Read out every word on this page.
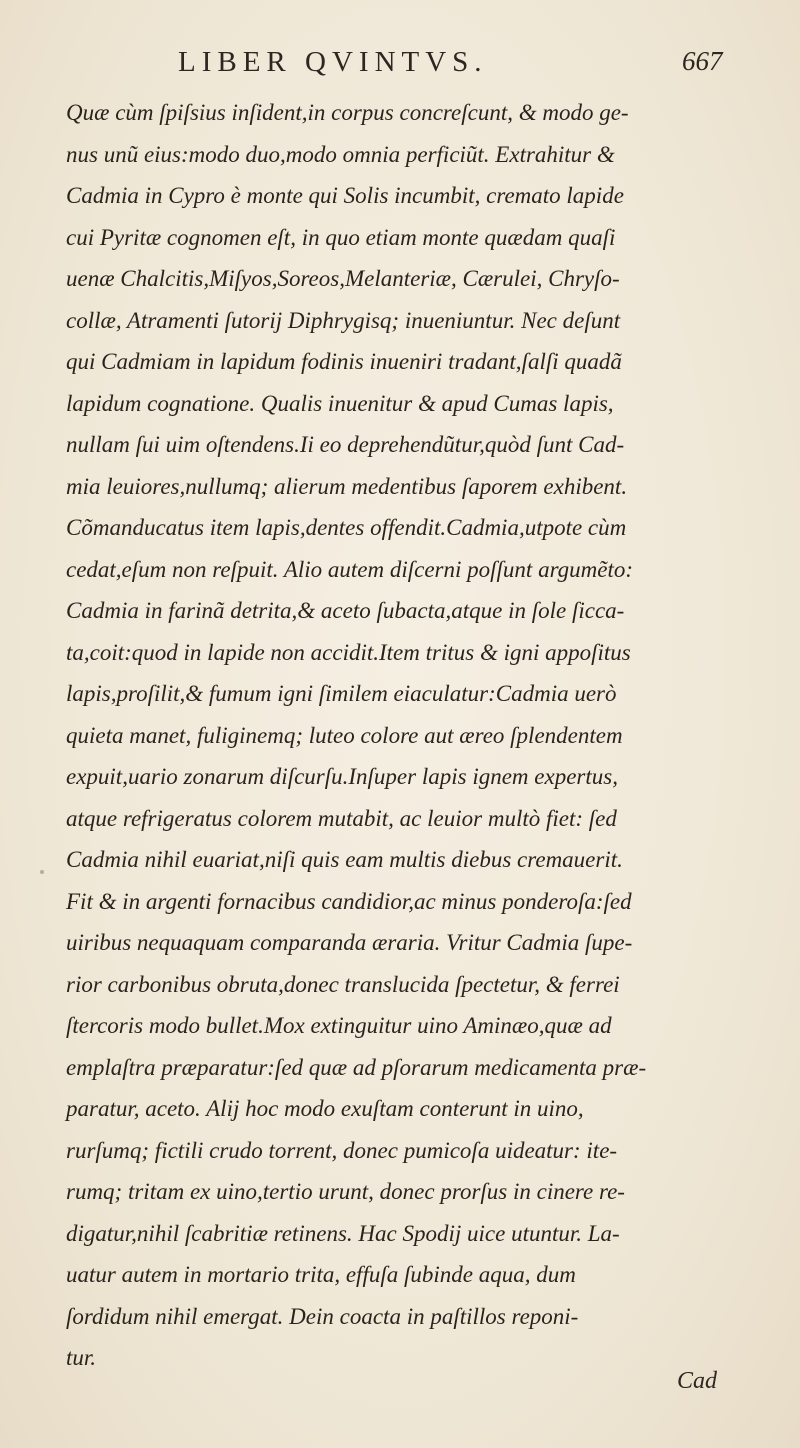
LIBER QVINTVS.	667
Quæ cùm ſpiſsius inſident,in corpus concreſcunt, & modo ge-
nus unũ eius:modo duo,modo omnia perficiũt. Extrahitur &
Cadmia in Cypro è monte qui Solis incumbit, cremato lapide
cui Pyritæ cognomen eſt, in quo etiam monte quædam quaſi
uenæ Chalcitis,Miſyos,Soreos,Melanteriæ, Cærulei, Chryſo-
collæ, Atramenti ſutorij Diphrygisq; inueniuntur. Nec deſunt
qui Cadmiam in lapidum fodinis inueniri tradant,ſalſi quadã
lapidum cognatione. Qualis inuenitur & apud Cumas lapis,
nullam ſui uim oſtendens.Ii eo deprehendũtur,quòd ſunt Cad-
mia leuiores,nullumq; alierum medentibus ſaporem exhibent.
Cõmanducatus item lapis,dentes offendit.Cadmia,utpote cùm
cedat,eſum non reſpuit. Alio autem diſcerni poſſunt argumẽto:
Cadmia in farinã detrita,& aceto ſubacta,atque in ſole ſicca-
ta,coit:quod in lapide non accidit.Item tritus & igni appoſitus
lapis,proſilit,& fumum igni ſimilem eiaculatur:Cadmia uerò
quieta manet, fuliginemq; luteo colore aut æreo ſplendentem
expuit,uario zonarum diſcurſu.Inſuper lapis ignem expertus,
atque refrigeratus colorem mutabit, ac leuior multò fiet: ſed
Cadmia nihil euariat,niſi quis eam multis diebus cremauerit.
Fit & in argenti fornacibus candidior,ac minus ponderoſa:ſed
uiribus nequaquam comparanda æraria. Vritur Cadmia ſupe-
rior carbonibus obruta,donec translucida ſpectetur, & ferrei
ſtercoris modo bullet.Mox extinguitur uino Aminæo,quæ ad
emplaſtra præparatur:ſed quæ ad pſorarum medicamenta præ-
paratur, aceto. Alij hoc modo exuſtam conterunt in uino,
rurſumq; fictili crudo torrent, donec pumicoſa uideatur: ite-
rumq; tritam ex uino,tertio urunt, donec prorſus in cinere re-
digatur,nihil ſcabritiæ retinens. Hac Spodij uice utuntur. La-
uatur autem in mortario trita, effuſa ſubinde aqua, dum
ſordidum nihil emergat. Dein coacta in paſtillos reponi-
tur.
Cad
